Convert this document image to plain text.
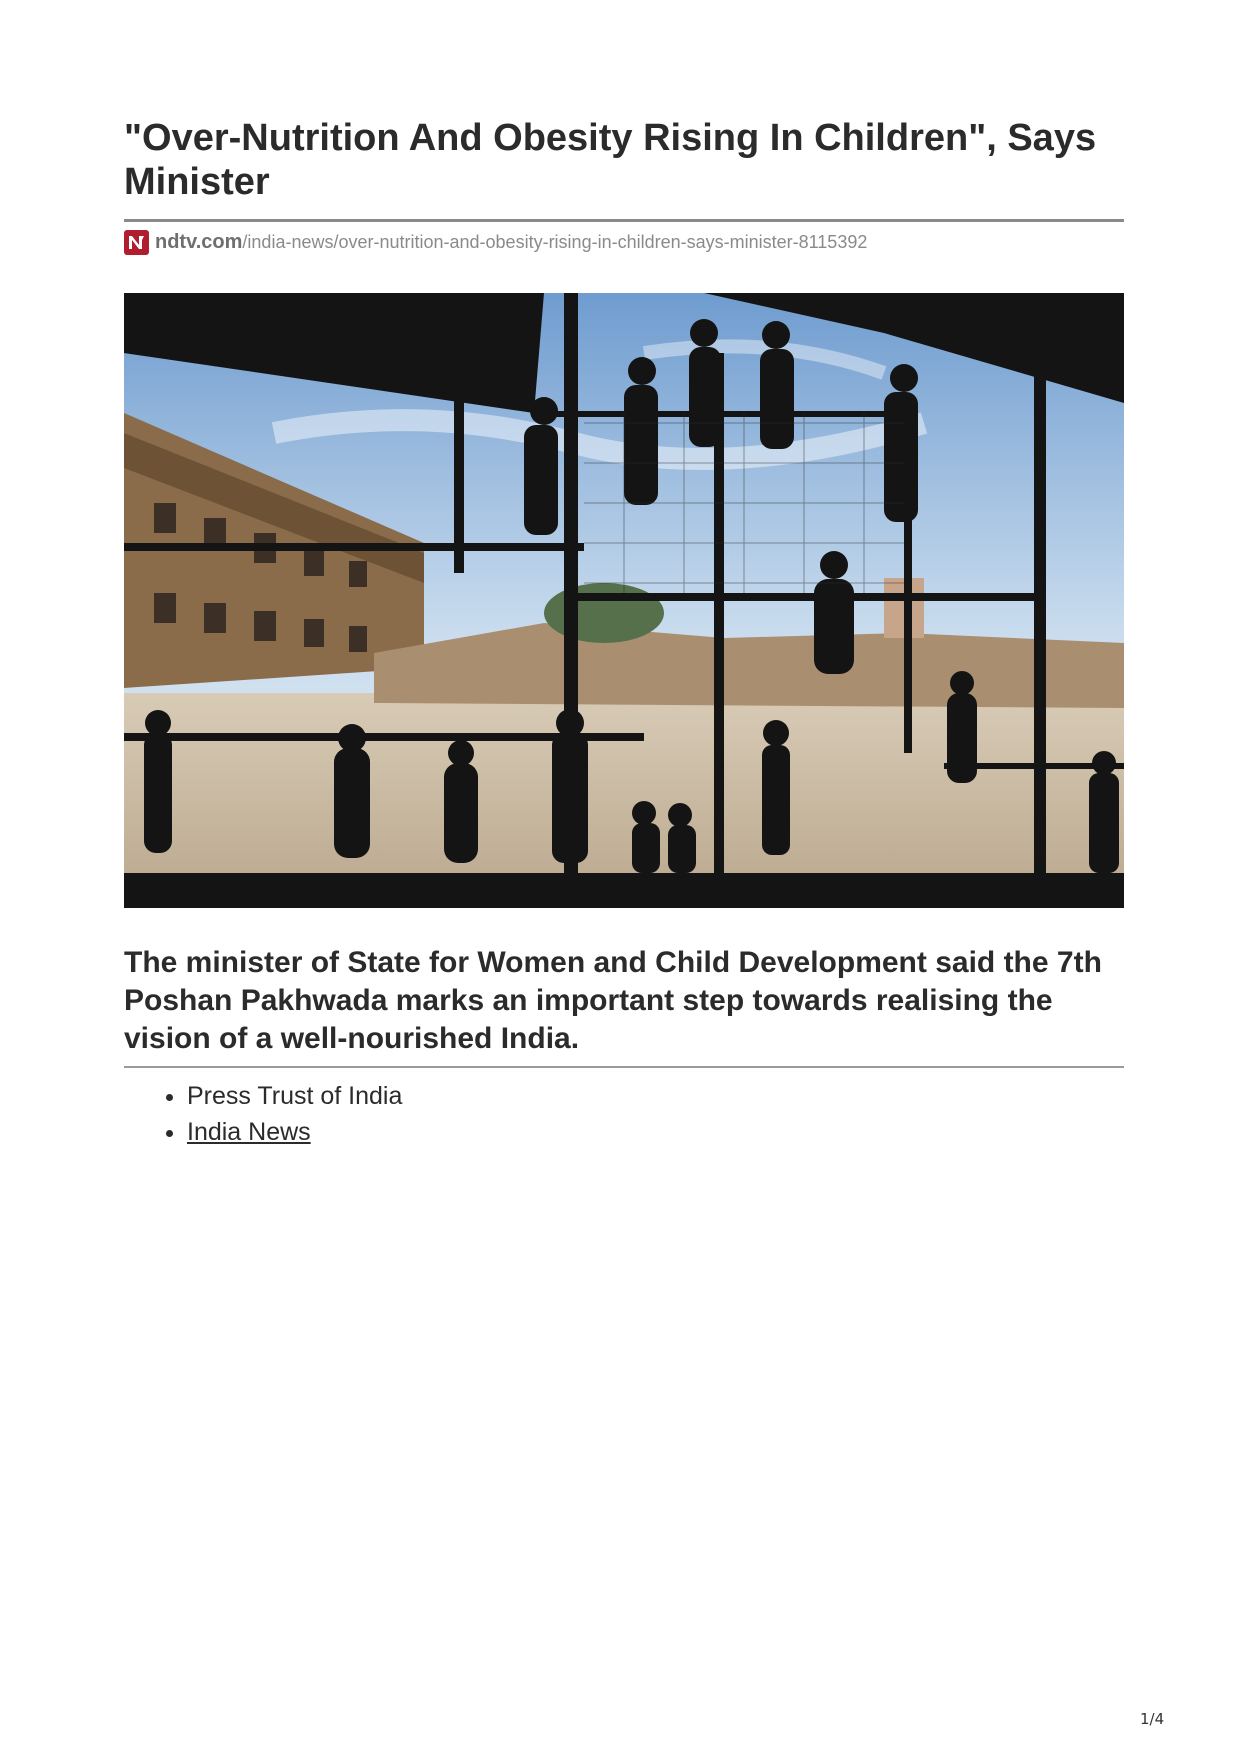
"Over-Nutrition And Obesity Rising In Children", Says Minister
ndtv.com /india-news/over-nutrition-and-obesity-rising-in-children-says-minister-8115392

The minister of State for Women and Child Development said the 7th Poshan Pakhwada marks an important step towards realising the vision of a well-nourished India.

• Press Trust of India
• India News
1/4
